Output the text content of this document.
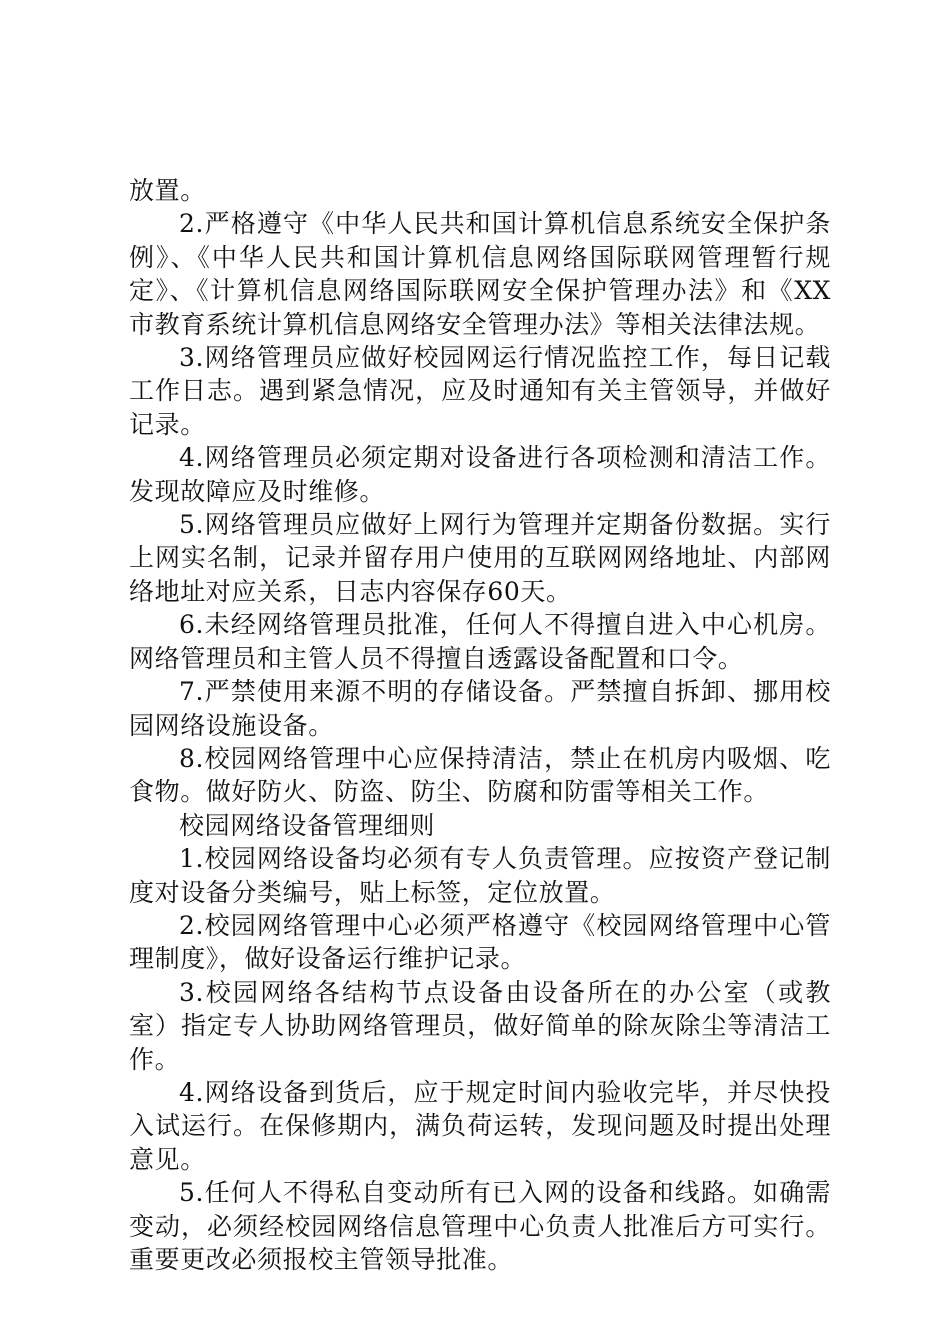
放置。

2.严格遵守《中华人民共和国计算机信息系统安全保护条例》、《中华人民共和国计算机信息网络国际联网管理暂行规定》、《计算机信息网络国际联网安全保护管理办法》和《XX市教育系统计算机信息网络安全管理办法》等相关法律法规。

3.网络管理员应做好校园网运行情况监控工作，每日记载工作日志。遇到紧急情况，应及时通知有关主管领导，并做好记录。

4.网络管理员必须定期对设备进行各项检测和清洁工作。发现故障应及时维修。

5.网络管理员应做好上网行为管理并定期备份数据。实行上网实名制，记录并留存用户使用的互联网网络地址、内部网络地址对应关系，日志内容保存60天。

6.未经网络管理员批准，任何人不得擅自进入中心机房。网络管理员和主管人员不得擅自透露设备配置和口令。

7.严禁使用来源不明的存储设备。严禁擅自拆卸、挪用校园网络设施设备。

8.校园网络管理中心应保持清洁，禁止在机房内吸烟、吃食物。做好防火、防盗、防尘、防腐和防雷等相关工作。

校园网络设备管理细则

1.校园网络设备均必须有专人负责管理。应按资产登记制度对设备分类编号，贴上标签，定位放置。

2.校园网络管理中心必须严格遵守《校园网络管理中心管理制度》，做好设备运行维护记录。

3.校园网络各结构节点设备由设备所在的办公室（或教室）指定专人协助网络管理员，做好简单的除灰除尘等清洁工作。

4.网络设备到货后，应于规定时间内验收完毕，并尽快投入试运行。在保修期内，满负荷运转，发现问题及时提出处理意见。

5.任何人不得私自变动所有已入网的设备和线路。如确需变动，必须经校园网络信息管理中心负责人批准后方可实行。重要更改必须报校主管领导批准。
